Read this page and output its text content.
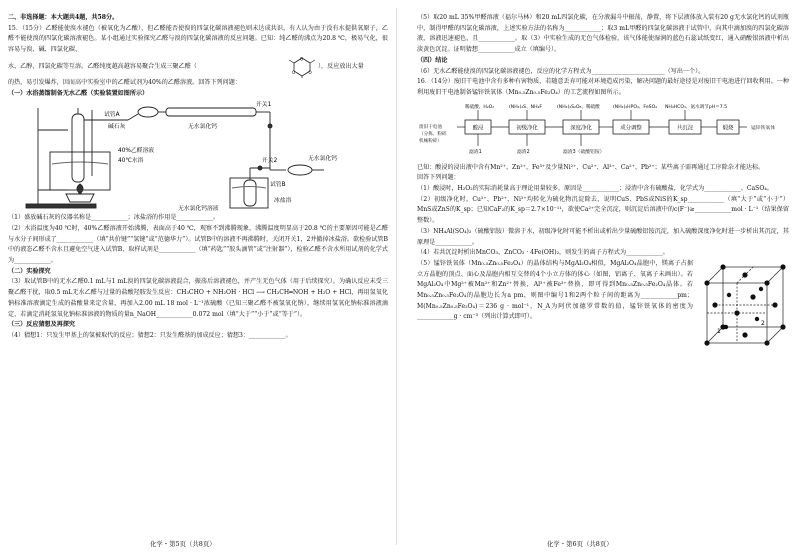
二、非选择题：本大题共4题，共58分。

15．（15分）乙醛能使溴水褪色（被氧化为乙酸），但乙醛能否使溴的四氯化碳溶液褪色则未达成共识，有人认为由于没有水提供氧原子，乙醛不能使溴的四氯化碳溶液褪色。某小组通过实验探究乙醛与溴的四氯化碳溶液的反应问题。已知：纯乙醛的沸点为20.8 ℃，极易气化，很容易与溴、碱、四氯化碳、

水、乙醇、四氯化碳等互溶。乙醛纯度越高越容易聚合生成三聚乙醛（

O
O
O

），反应放出大量

的热，易引发爆炸，因而高中实验室中的乙醛试剂为40%的乙醛溶液。回答下列问题：

（一）水浴蒸馏制备无水乙醛（实验装置如图所示）

碱石灰
试管A
40%乙醛溶液
40℃水浴
无水氯化钙
开关1
开关2	无水氯化钙
试管B
冰盐浴
无水氯化钙溶液

（1）盛放碱石灰的仪器名称是____________；冰盐浴的作用是____________。

（2）水浴温度为40 ℃时，40%乙醛溶液开始沸腾，表面高于40 ℃，观察不到沸腾现象，沸腾温度明显高于20.8 ℃的主要原因可能是乙醛与水分子间形成了____________（填“共价键”“氢键”或“范德华力”）。试管B中的溶液不再沸腾时，关闭开关1，2并撤掉冰盐浴。欲检验试管B中的液态乙醛不含水且避免空气进入试管B，取样试剂是____________（填“药匙”“胶头滴管”或“注射器”），检验乙醛不含水所用试剂的化学式为____________。

（二）实验探究

（3）取试管B中的无水乙醛0.1 mL与1 mL溴的四氯化碳溶液混合，振荡后溶液褪色，并产生无色气体（用于后续探究）。为确认反应未受三聚乙醛干扰，取0.5 mL无水乙醛与过量的盐酸羟胺发生反应：CH₃CHO + NH₂OH · HCl ⟶ CH₃CH═NOH + H₂O + HCl，再用氢氧化钠标准溶液滴定生成的盐酸量来定含量，再加入2.00 mL 18 mol · L⁻¹浓硫酸（已知三聚乙醛不被氢氧化钠），继续用氢氧化钠标准溶液滴定，若滴定消耗氢氧化钠标准溶液的物质的量n_NaOH____________0.072 mol（填“大于”“小于”或“等于”）。

（三）反应猜想及再探究

（4）猜想1：只发生甲基上的氢被取代的反应；猜想2：只发生醛基的加成反应；猜想3：____________。

化学・第5页（共8页）

（5）取20 mL 35%甲醛溶液（福尔马林）和20 mL四氯化碳，在分液漏斗中振荡，静置，将下层液体放入装有20 g无水氯化钙的试剂瓶中，制得甲醛的四氯化碳溶液，上述实验方法的名称为____________；取3 mL甲醛的四氯化碳溶液于试管中，向其中滴加溴的四氯化碳溶液，溶液迅速褪色，且____________。取（3）中实验生成的无色气体检验，该气体能使湿润的蓝色石蕊试纸变红，通入硝酸银溶液中析出淡黄色沉淀。证明猜想____________成立（填编号）。

（四）结论

（6）无水乙醛能使溴的四氯化碳溶液褪色，反应的化学方程式为________________________（写出一个）。

16．（14分）废旧干电池中含有多种有害物质，若随意丢弃可能对环境造成污染，解决问题的最好途径是对废旧干电池进行回收利用。一种利用废旧干电池制备锰锌铁氧体（Mn₀.₅Zn₀.₅Fe₂O₄）的工艺流程如图所示。

稀硫酸、H₂O₂	(NH₄)₂S、NH₄F	(NH₄)₂S₂O₈、稀硫酸	(NH₄)₂HPO₄、FeSO₄ NH₄HCO₃、氨水调节pH＝7.5
废旧干电池
（分拣、粉碎
机械粉碎）
酸浸	初级净化	深度净化	成分调整	共沉淀	煅烧	锰锌铁氧体
滤渣1	滤渣2	滤渣3（硫酸铝铵）

已知：酸浸的浸出液中含有Mn²⁺、Zn²⁺、Fe³⁺及少量Ni²⁺、Cu²⁺、Al³⁺、Ca²⁺、Pb²⁺；某些离子需再通过工序除杂才能达标。

回答下列问题：

（1）酸浸时，H₂O₂的实际消耗量高于理论用量较多，原因是____________；浸渣中含有硫酸盐，化学式为____________、CaSO₄。

（2）初级净化时，Cu²⁺、Pb²⁺、Ni²⁺均转化为硫化物沉淀除去，说明CuS、PbS或NiS的K_sp____________（填“大于”或“小于”）MnS或ZnS的K_sp；已知CaF₂的K_sp＝2.7×10⁻¹¹，欲使Ca²⁺完全沉淀，则沉淀后溶液中的c(F⁻)≥____________mol · L⁻¹（结果保留整数）。

（3）NH₄Al(SO₄)₂（硫酸铝铵）微溶于水，初级净化时可能不析出或析出少量硫酸铝铵沉淀，加入硫酸深度净化时进一步析出其沉淀，其原理是____________。

（4）若共沉淀时析出MnCO₃、ZnCO₃ · 4Fe(OH)₂，则发生的离子方程式为____________。

（5）锰锌铁氧体（Mn₀.₅Zn₀.₅Fe₂O₄）的晶体结构与MgAl₂O₄相似，MgAl₂O₄晶胞中，镁离子占据立方晶胞的顶点、面心及晶胞内相互交替的4个小立方体的体心（如图，铝离子、氧离子未画出）。若MgAl₂O₄中Mg²⁺被Mn²⁺和Zn²⁺替换，Al³⁺被Fe³⁺替换，即可得到Mn₀.₅Zn₀.₅Fe₂O₄晶体。若Mn₀.₅Zn₀.₅Fe₂O₄的晶胞边长为a pm，则图中编号1和2两个粒子间的距离为____________pm；M(Mn₀.₅Zn₀.₅Fe₂O₄)＝236 g · mol⁻¹，N_A为阿伏加德罗常数的值，锰锌铁氧体的密度为____________g · cm⁻³（列出计算式即可）。

1
2
化学・第6页（共8页）
